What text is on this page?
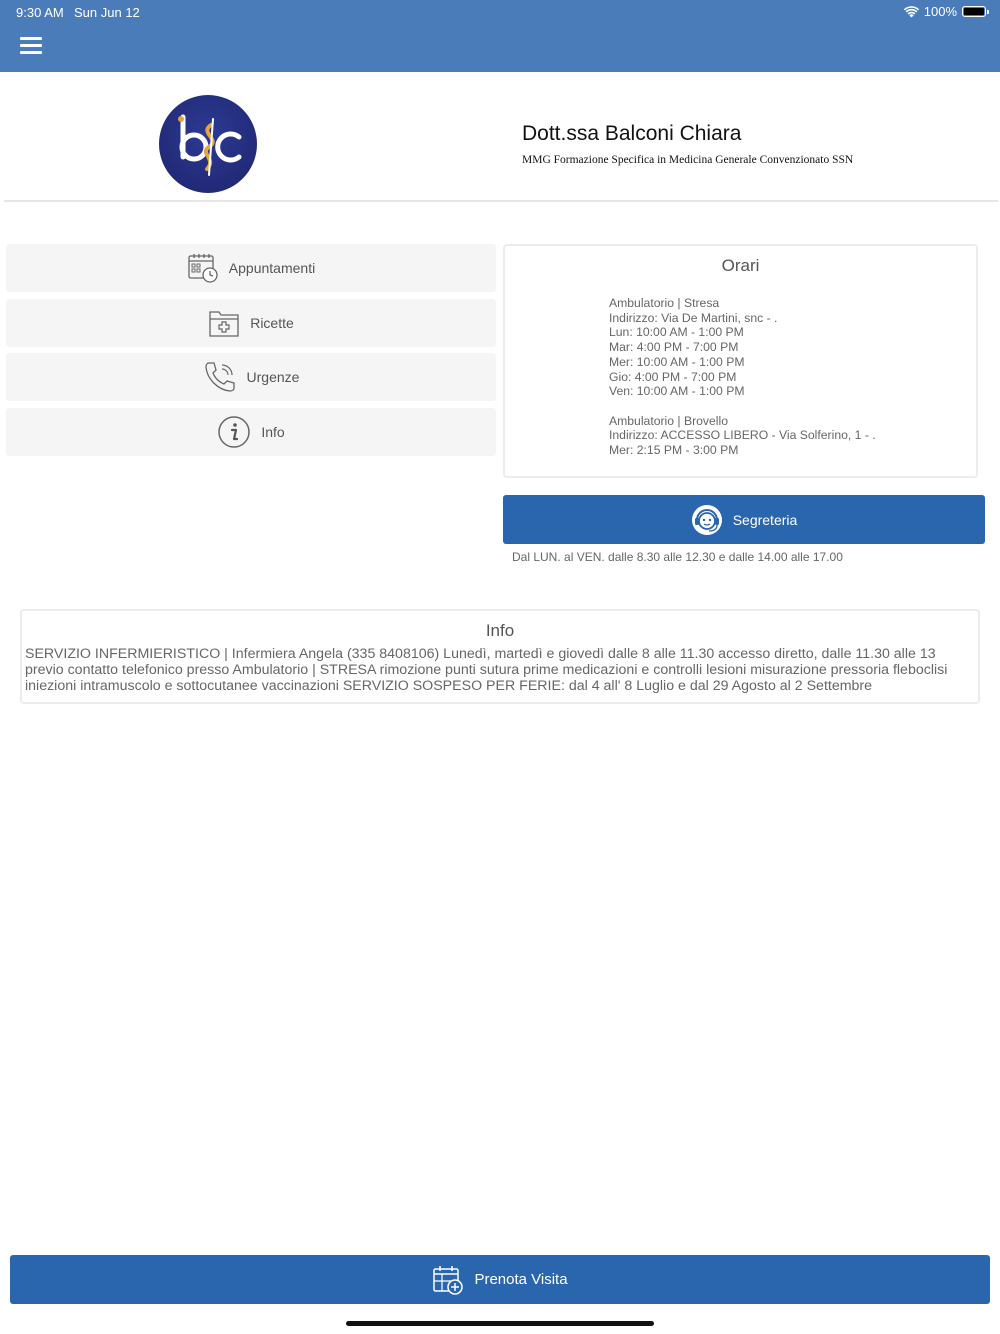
9:30 AM Sun Jun 12	100%
Dott.ssa Balconi Chiara
MMG Formazione Specifica in Medicina Generale Convenzionato SSN
Appuntamenti
Ricette
Urgenze
Info
Orari
Ambulatorio | Stresa
Indirizzo: Via De Martini, snc - .
Lun: 10:00 AM - 1:00 PM
Mar: 4:00 PM - 7:00 PM
Mer: 10:00 AM - 1:00 PM
Gio: 4:00 PM - 7:00 PM
Ven: 10:00 AM - 1:00 PM
Ambulatorio | Brovello
Indirizzo: ACCESSO LIBERO - Via Solferino, 1 - .
Mer: 2:15 PM - 3:00 PM
Segreteria
Dal LUN. al VEN. dalle 8.30 alle 12.30 e dalle 14.00 alle 17.00
Info
SERVIZIO INFERMIERISTICO | Infermiera Angela (335 8408106) Lunedì, martedì e giovedì dalle 8 alle 11.30 accesso diretto, dalle 11.30 alle 13 previo contatto telefonico presso Ambulatorio | STRESA rimozione punti sutura prime medicazioni e controlli lesioni misurazione pressoria fleboclisi iniezioni intramuscolo e sottocutanee vaccinazioni SERVIZIO SOSPESO PER FERIE: dal 4 all' 8 Luglio e dal 29 Agosto al 2 Settembre
Prenota Visita
